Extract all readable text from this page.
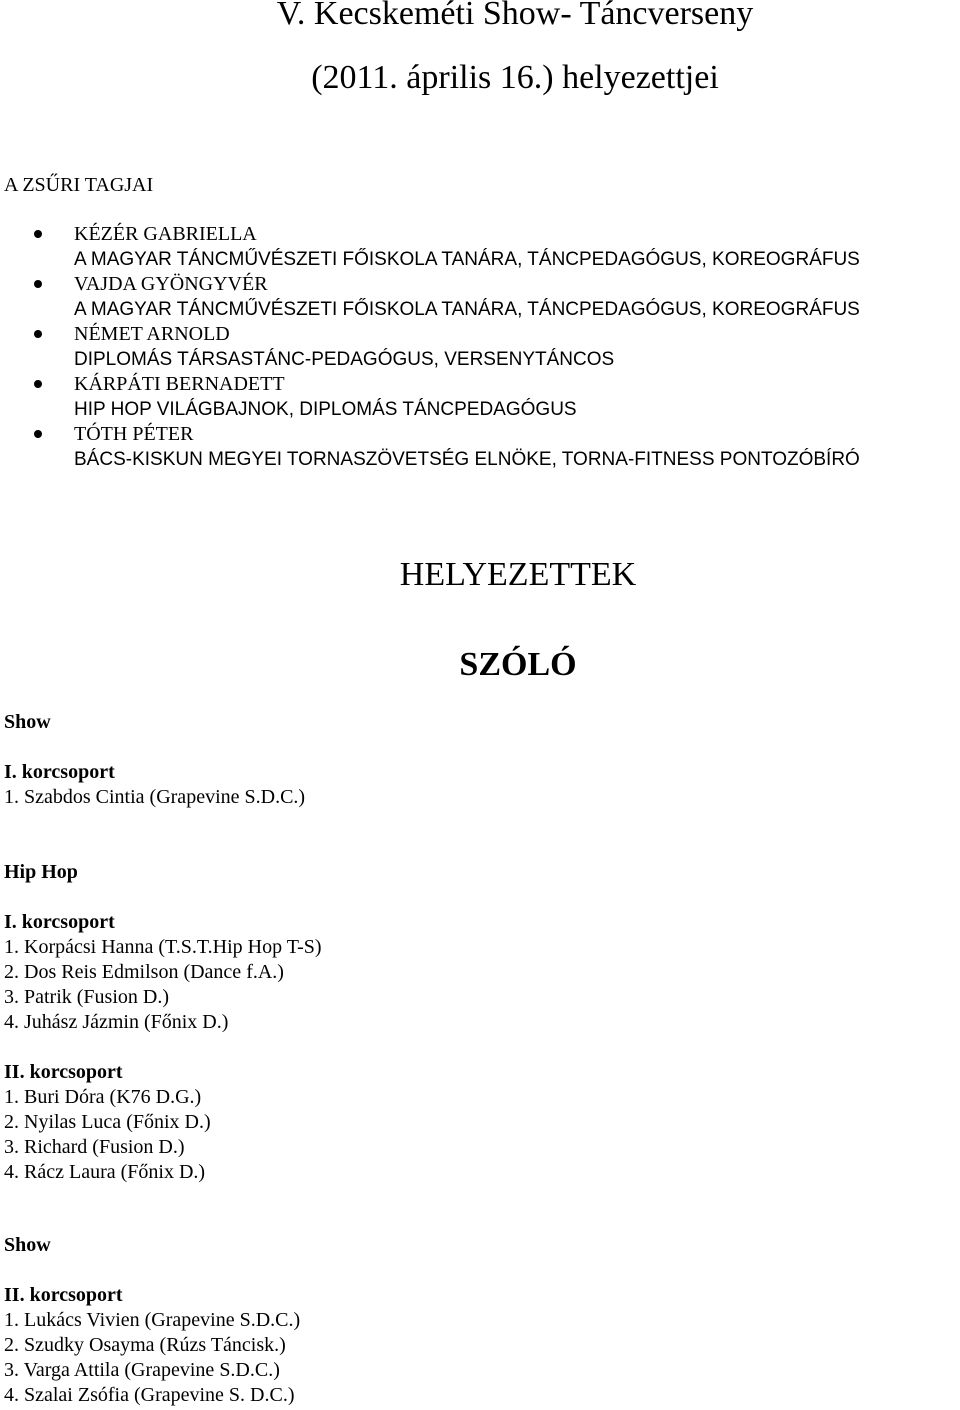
V. Kecskeméti Show- Táncverseny
(2011. április 16.) helyezettjei
A ZSŰRI TAGJAI
KÉZÉR GABRIELLA
A MAGYAR TÁNCMŰVÉSZETI FŐISKOLA TANÁRA, TÁNCPEDAGÓGUS, KOREOGRÁFUS
VAJDA GYÖNGYVÉR
A MAGYAR TÁNCMŰVÉSZETI FŐISKOLA TANÁRA, TÁNCPEDAGÓGUS, KOREOGRÁFUS
NÉMET ARNOLD
DIPLOMÁS TÁRSASTÁNC-PEDAGÓGUS, VERSENYTÁNCOS
KÁRPÁTI BERNADETT
HIP HOP VILÁGBAJNOK, DIPLOMÁS TÁNCPEDAGÓGUS
TÓTH PÉTER
BÁCS-KISKUN MEGYEI TORNASZÖVETSÉG ELNÖKE, TORNA-FITNESS PONTOZÓBÍRÓ
HELYEZETTEK
SZÓLÓ
Show
I. korcsoport
1. Szabdos Cintia (Grapevine S.D.C.)
Hip Hop
I. korcsoport
1. Korpácsi Hanna (T.S.T.Hip Hop T-S)
2. Dos Reis Edmilson (Dance f.A.)
3. Patrik (Fusion D.)
4. Juhász Jázmin (Főnix D.)
II. korcsoport
1. Buri Dóra (K76 D.G.)
2. Nyilas Luca (Főnix D.)
3. Richard (Fusion D.)
4. Rácz Laura (Főnix D.)
Show
II. korcsoport
1. Lukács Vivien (Grapevine S.D.C.)
2. Szudky Osayma (Rúzs Táncisk.)
3. Varga Attila (Grapevine S.D.C.)
4. Szalai Zsófia (Grapevine S. D.C.)
